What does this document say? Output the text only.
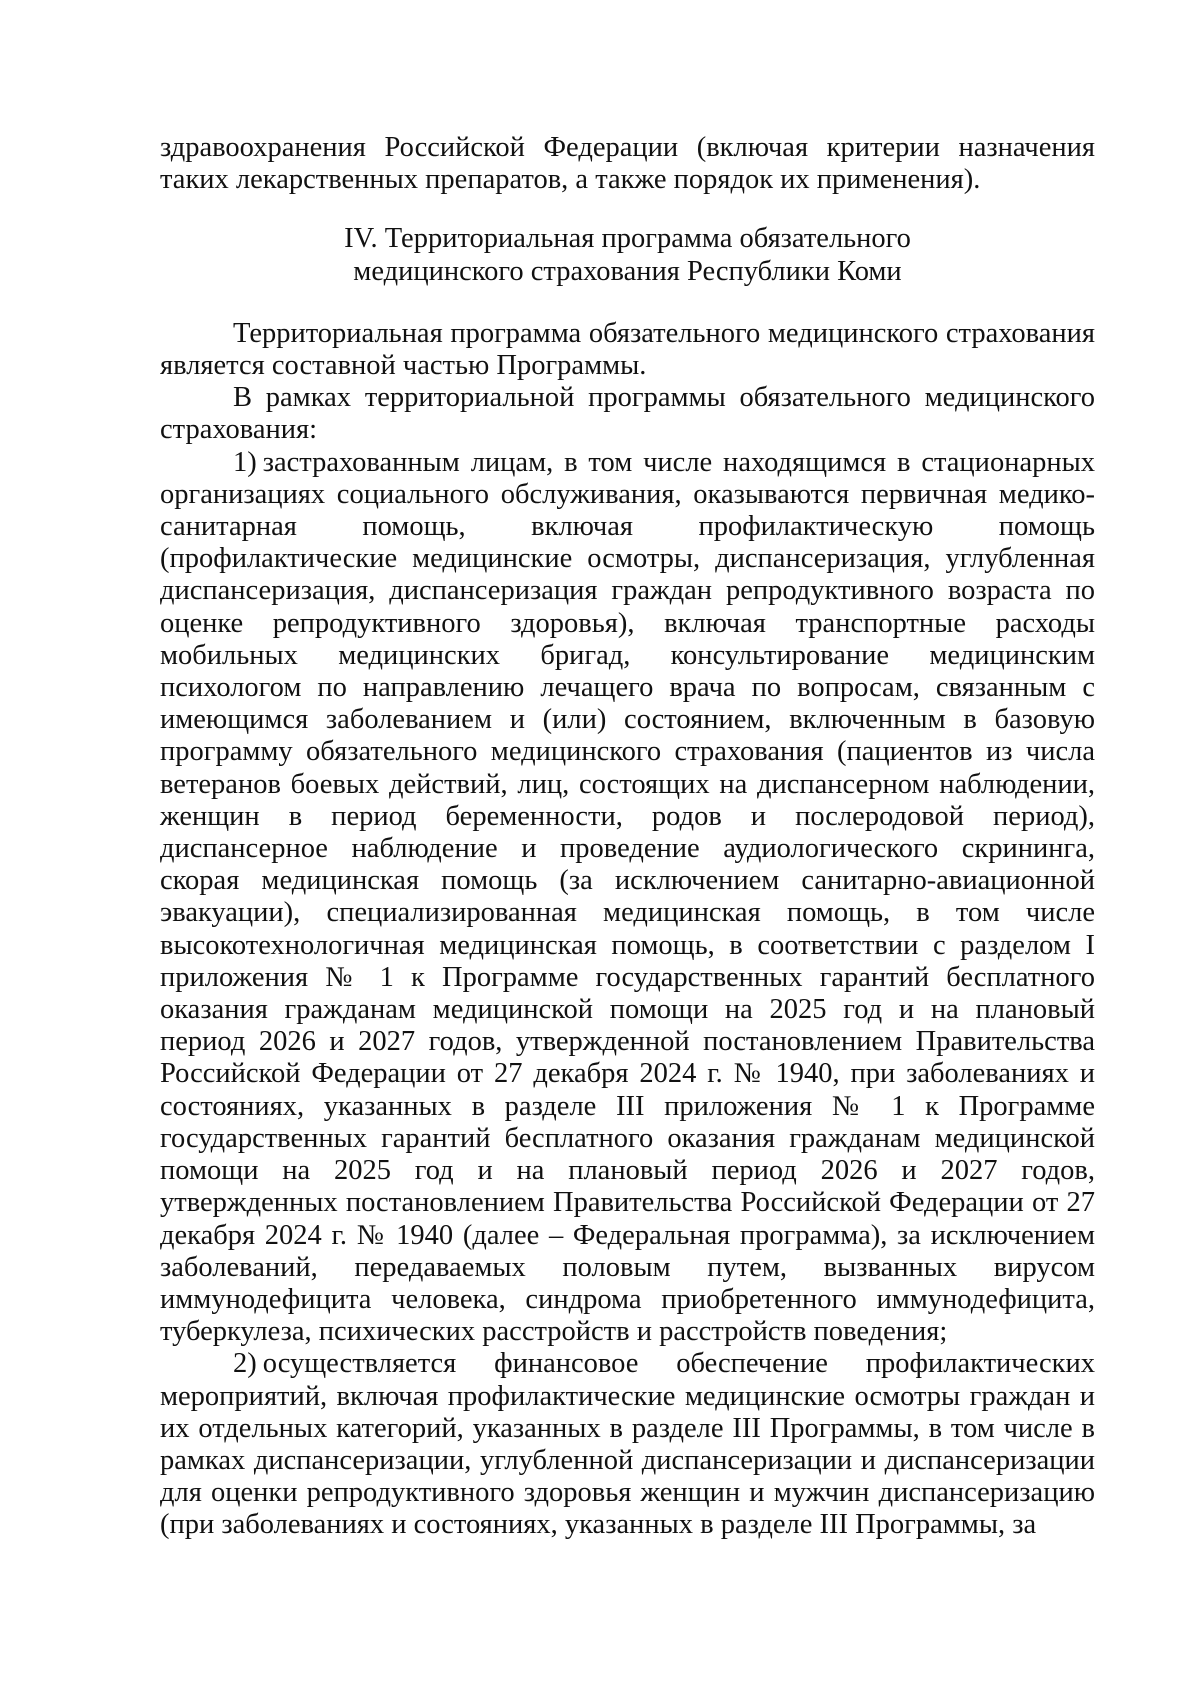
здравоохранения Российской Федерации (включая критерии назначения таких лекарственных препаратов, а также порядок их применения).

IV. Территориальная программа обязательного
медицинского страхования Республики Коми

Территориальная программа обязательного медицинского страхования является составной частью Программы.

В рамках территориальной программы обязательного медицинского страхования:

1) застрахованным лицам, в том числе находящимся в стационарных организациях социального обслуживания, оказываются первичная медико-санитарная помощь, включая профилактическую помощь (профилактические медицинские осмотры, диспансеризация, углубленная диспансеризация, диспансеризация граждан репродуктивного возраста по оценке репродуктивного здоровья), включая транспортные расходы мобильных медицинских бригад, консультирование медицинским психологом по направлению лечащего врача по вопросам, связанным с имеющимся заболеванием и (или) состоянием, включенным в базовую программу обязательного медицинского страхования (пациентов из числа ветеранов боевых действий, лиц, состоящих на диспансерном наблюдении, женщин в период беременности, родов и послеродовой период), диспансерное наблюдение и проведение аудиологического скрининга, скорая медицинская помощь (за исключением санитарно-авиационной эвакуации), специализированная медицинская помощь, в том числе высокотехнологичная медицинская помощь, в соответствии с разделом I приложения № 1 к Программе государственных гарантий бесплатного оказания гражданам медицинской помощи на 2025 год и на плановый период 2026 и 2027 годов, утвержденной постановлением Правительства Российской Федерации от 27 декабря 2024 г. № 1940, при заболеваниях и состояниях, указанных в разделе III приложения № 1 к Программе государственных гарантий бесплатного оказания гражданам медицинской помощи на 2025 год и на плановый период 2026 и 2027 годов, утвержденных постановлением Правительства Российской Федерации от 27 декабря 2024 г. № 1940 (далее – Федеральная программа), за исключением заболеваний, передаваемых половым путем, вызванных вирусом иммунодефицита человека, синдрома приобретенного иммунодефицита, туберкулеза, психических расстройств и расстройств поведения;

2) осуществляется финансовое обеспечение профилактических мероприятий, включая профилактические медицинские осмотры граждан и их отдельных категорий, указанных в разделе III Программы, в том числе в рамках диспансеризации, углубленной диспансеризации и диспансеризации для оценки репродуктивного здоровья женщин и мужчин диспансеризацию (при заболеваниях и состояниях, указанных в разделе III Программы, за
